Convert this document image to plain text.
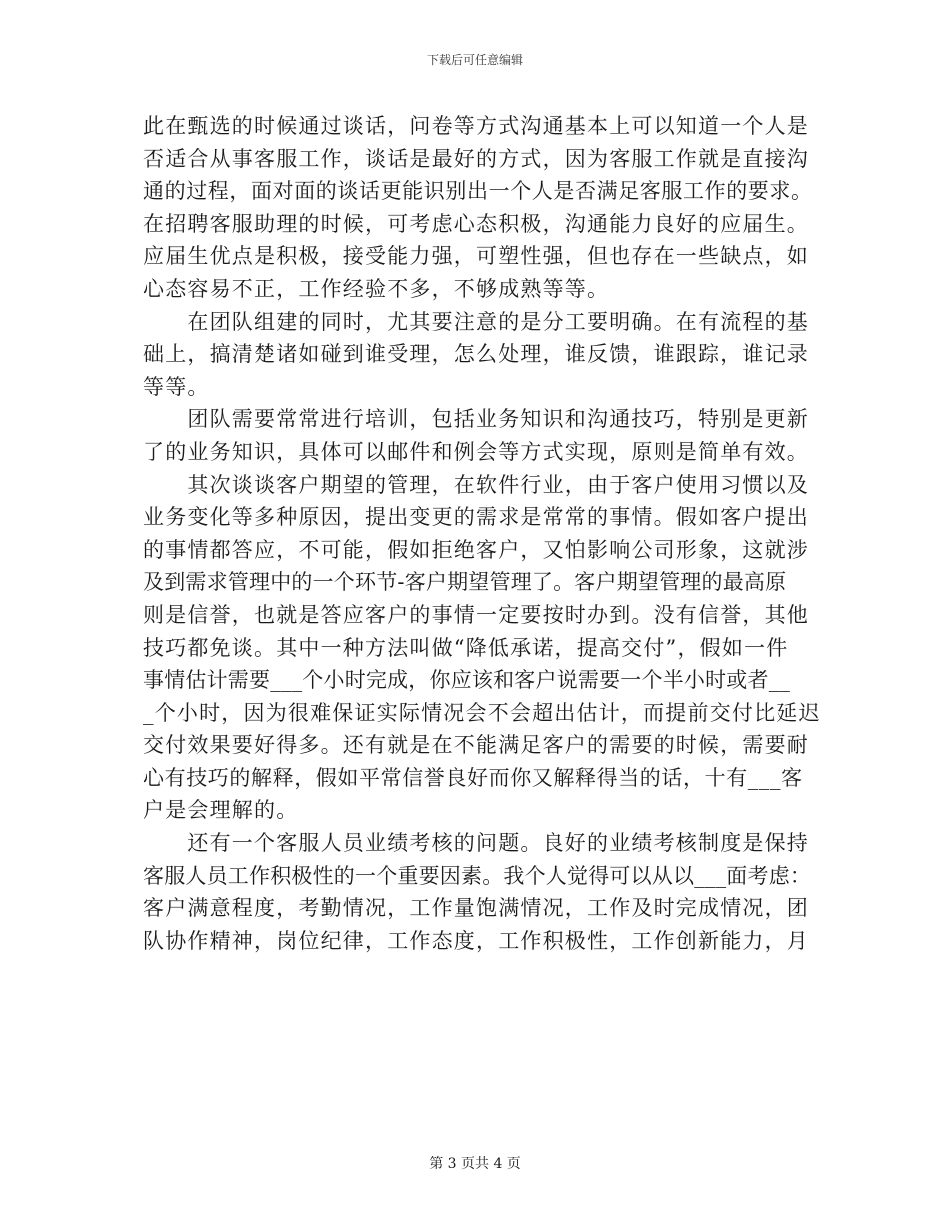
下载后可任意编辑
此在甄选的时候通过谈话，问卷等方式沟通基本上可以知道一个人是
否适合从事客服工作，谈话是最好的方式，因为客服工作就是直接沟
通的过程，面对面的谈话更能识别出一个人是否满足客服工作的要求。
在招聘客服助理的时候，可考虑心态积极，沟通能力良好的应届生。
应届生优点是积极，接受能力强，可塑性强，但也存在一些缺点，如
心态容易不正，工作经验不多，不够成熟等等。
　　在团队组建的同时，尤其要注意的是分工要明确。在有流程的基
础上，搞清楚诸如碰到谁受理，怎么处理，谁反馈，谁跟踪，谁记录
等等。
　　团队需要常常进行培训，包括业务知识和沟通技巧，特别是更新
了的业务知识，具体可以邮件和例会等方式实现，原则是简单有效。
　　其次谈谈客户期望的管理，在软件行业，由于客户使用习惯以及
业务变化等多种原因，提出变更的需求是常常的事情。假如客户提出
的事情都答应，不可能，假如拒绝客户，又怕影响公司形象，这就涉
及到需求管理中的一个环节-客户期望管理了。客户期望管理的最高原
则是信誉，也就是答应客户的事情一定要按时办到。没有信誉，其他
技巧都免谈。其中一种方法叫做“降低承诺，提高交付”，假如一件
事情估计需要___个小时完成，你应该和客户说需要一个半小时或者__
_个小时，因为很难保证实际情况会不会超出估计，而提前交付比延迟
交付效果要好得多。还有就是在不能满足客户的需要的时候，需要耐
心有技巧的解释，假如平常信誉良好而你又解释得当的话，十有___客
户是会理解的。
　　还有一个客服人员业绩考核的问题。良好的业绩考核制度是保持
客服人员工作积极性的一个重要因素。我个人觉得可以从以___面考虑：
客户满意程度，考勤情况，工作量饱满情况，工作及时完成情况，团
队协作精神，岗位纪律，工作态度，工作积极性，工作创新能力，月
第 3 页共 4 页
